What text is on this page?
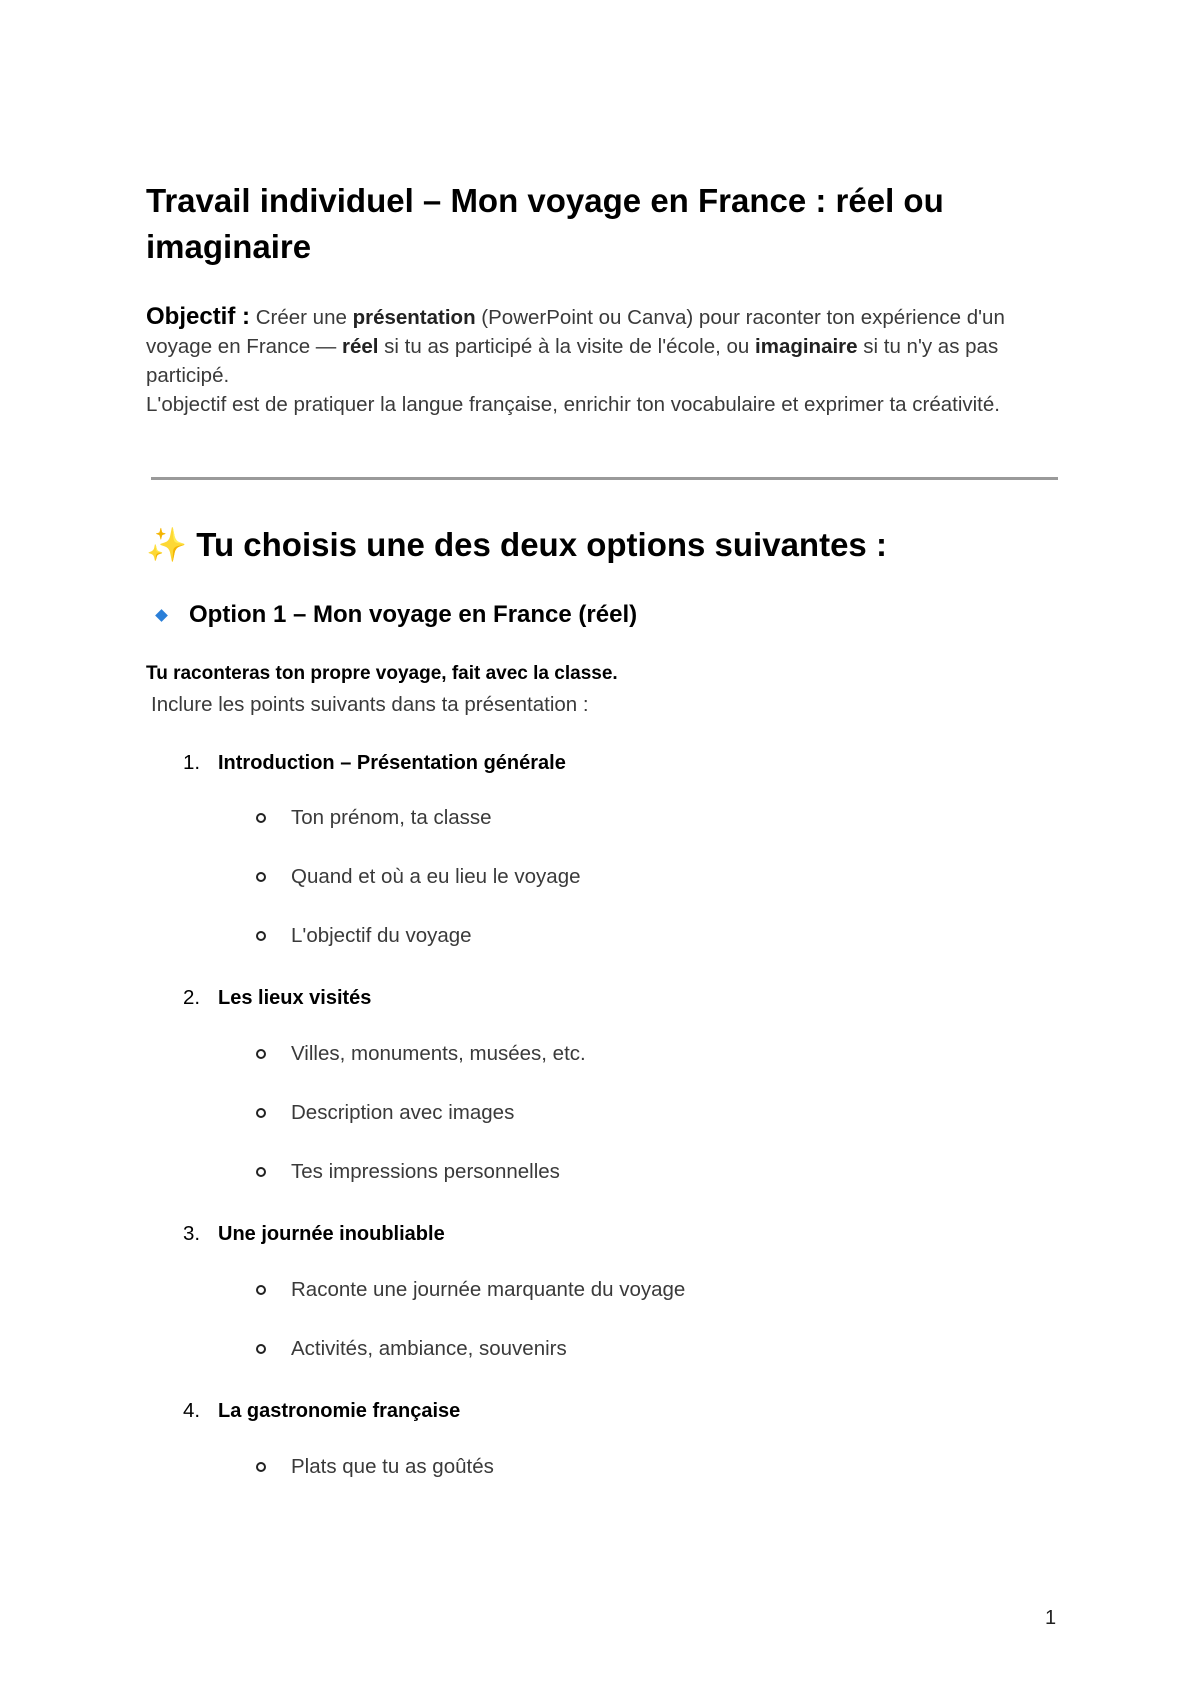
Travail individuel – Mon voyage en France : réel ou imaginaire

Objectif : Créer une présentation (PowerPoint ou Canva) pour raconter ton expérience d'un voyage en France — réel si tu as participé à la visite de l'école, ou imaginaire si tu n'y as pas participé.
L'objectif est de pratiquer la langue française, enrichir ton vocabulaire et exprimer ta créativité.

✨ Tu choisis une des deux options suivantes :
Option 1 – Mon voyage en France (réel)

Tu raconteras ton propre voyage, fait avec la classe.

Inclure les points suivants dans ta présentation :

1. Introduction – Présentation générale
Ton prénom, ta classe
Quand et où a eu lieu le voyage
L'objectif du voyage
2. Les lieux visités
Villes, monuments, musées, etc.
Description avec images
Tes impressions personnelles
3. Une journée inoubliable
Raconte une journée marquante du voyage
Activités, ambiance, souvenirs
4. La gastronomie française
Plats que tu as goûtés
1
